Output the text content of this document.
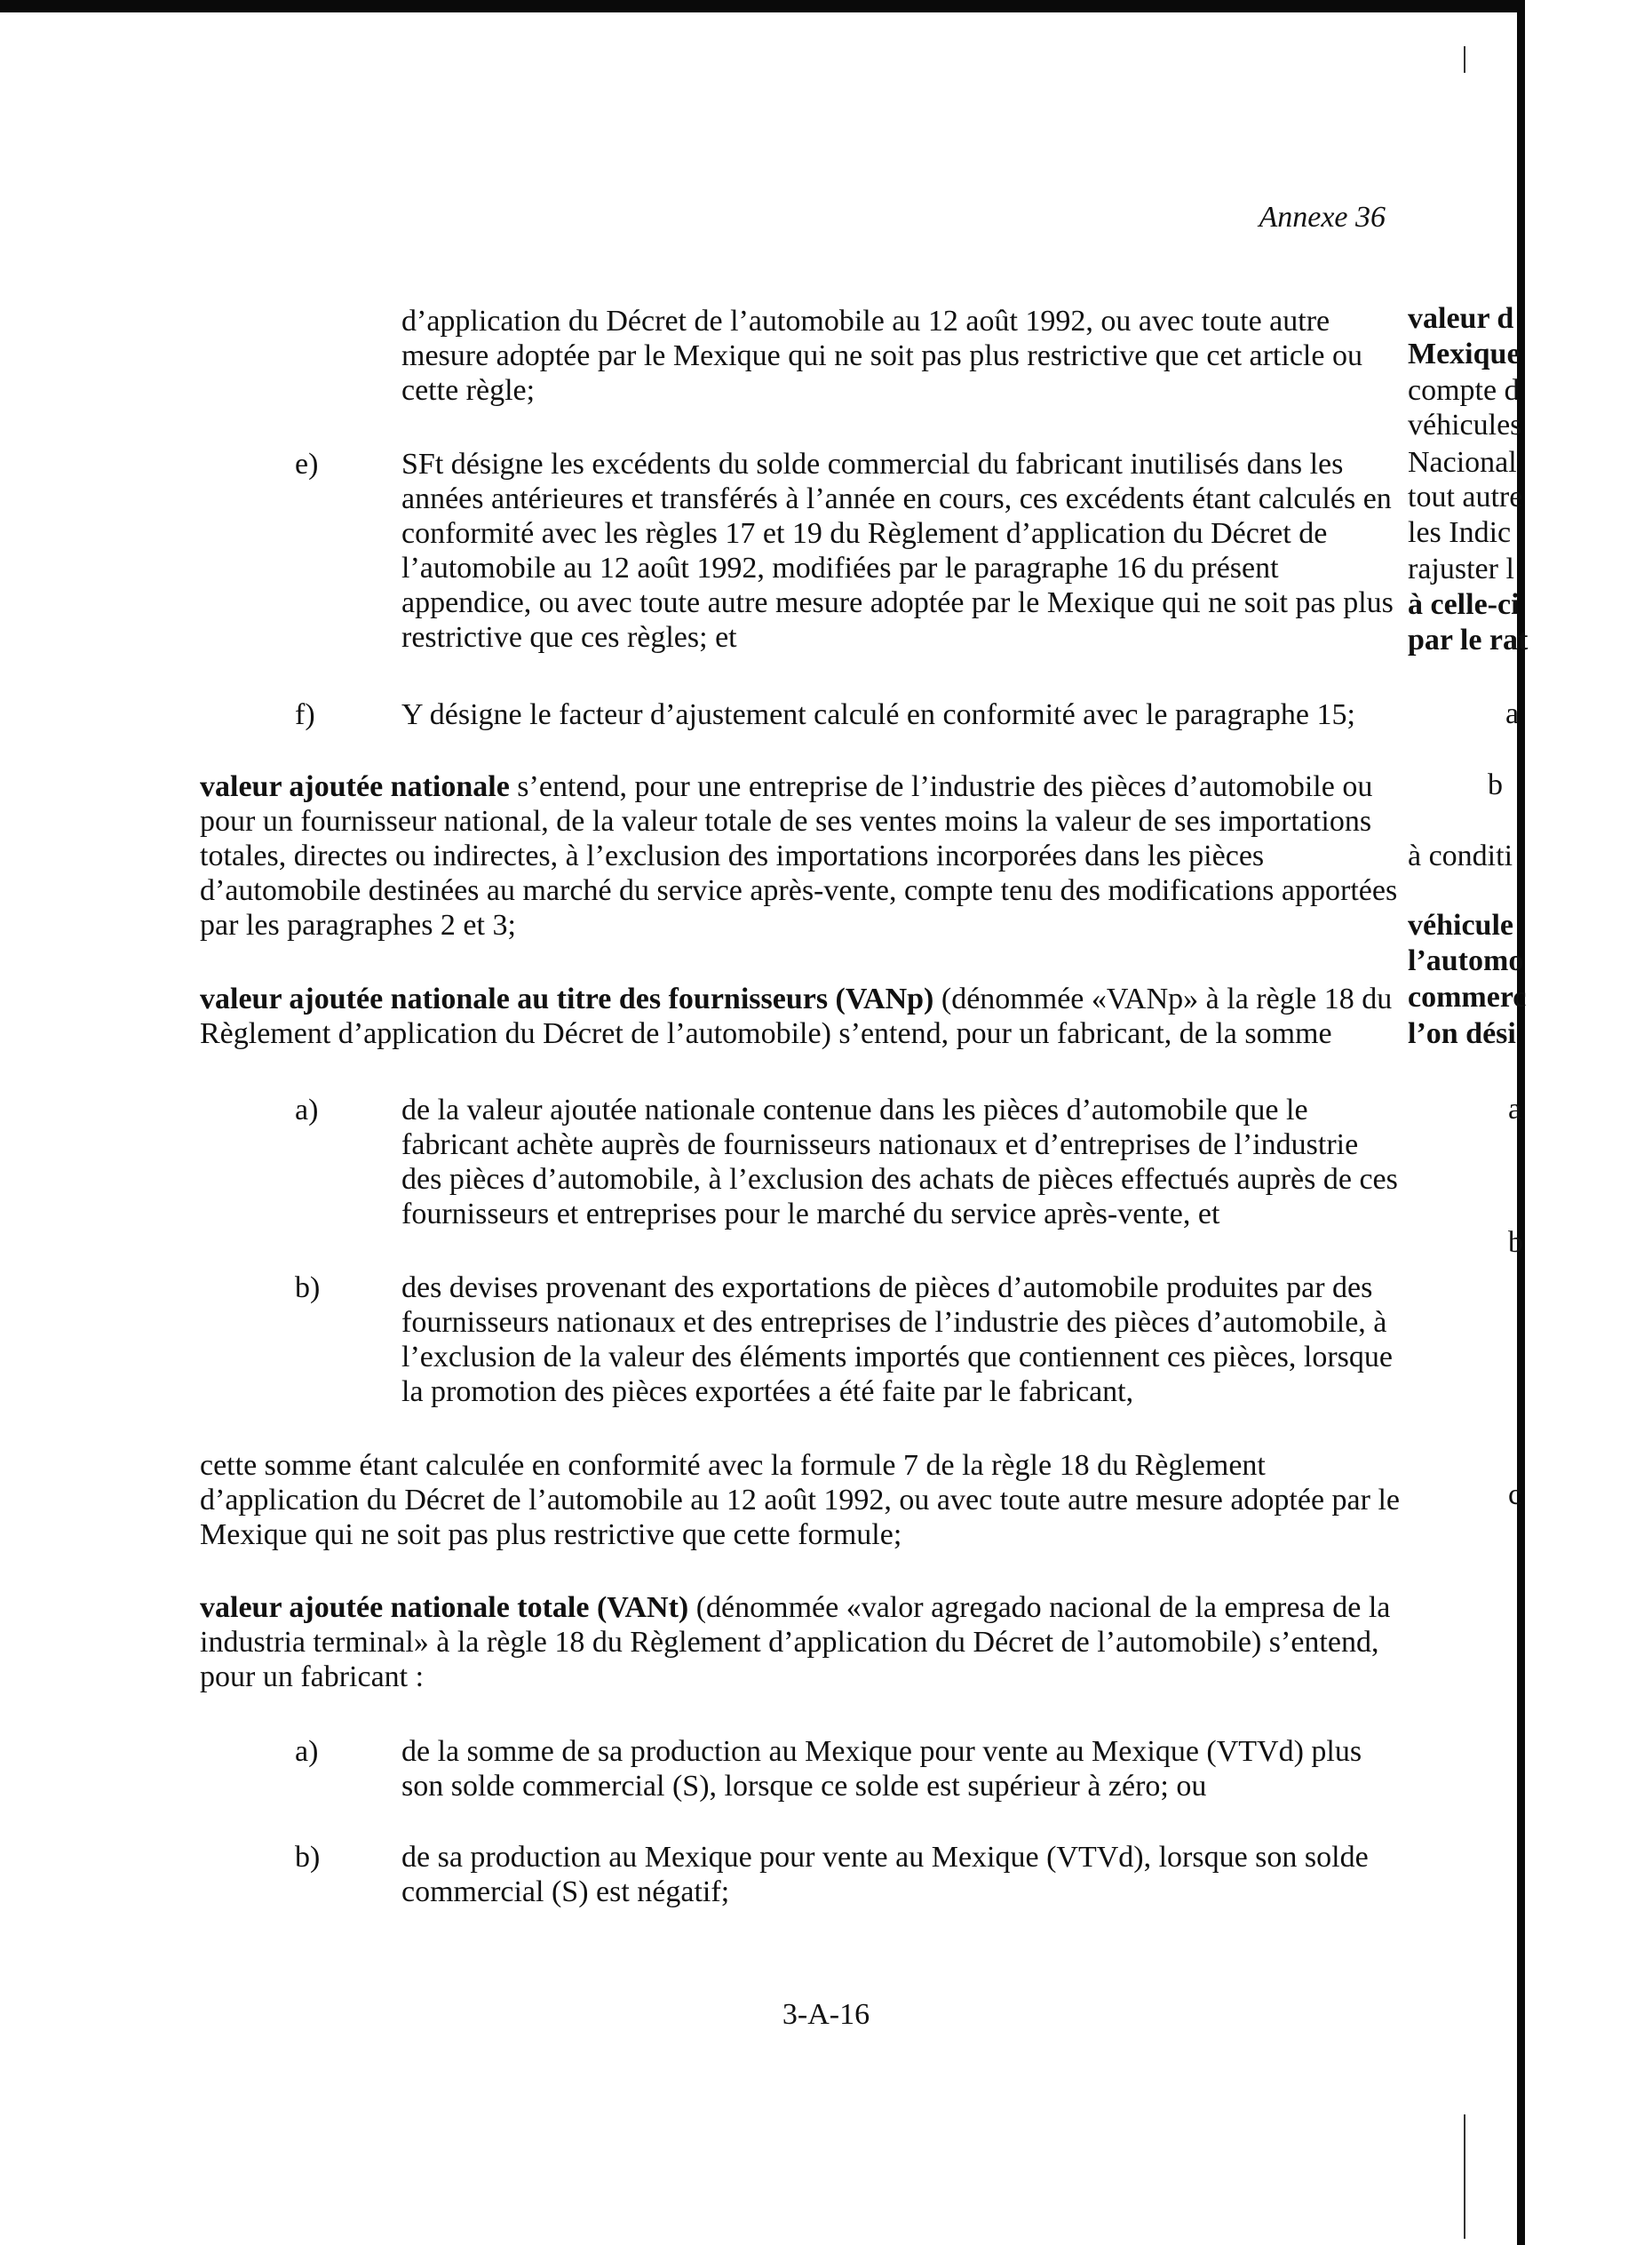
Annexe 36

d’application du Décret de l’automobile au 12 août 1992, ou avec toute autre mesure adoptée par le Mexique qui ne soit pas plus restrictive que cet article ou cette règle;

e)	SFt désigne les excédents du solde commercial du fabricant inutilisés dans les années antérieures et transférés à l’année en cours, ces excédents étant calculés en conformité avec les règles 17 et 19 du Règlement d’application du Décret de l’automobile au 12 août 1992, modifiées par le paragraphe 16 du présent appendice, ou avec toute autre mesure adoptée par le Mexique qui ne soit pas plus restrictive que ces règles; et

f)	Y désigne le facteur d’ajustement calculé en conformité avec le paragraphe 15;

valeur ajoutée nationale s’entend, pour une entreprise de l’industrie des pièces d’automobile ou pour un fournisseur national, de la valeur totale de ses ventes moins la valeur de ses importations totales, directes ou indirectes, à l’exclusion des importations incorporées dans les pièces d’automobile destinées au marché du service après-vente, compte tenu des modifications apportées par les paragraphes 2 et 3;

valeur ajoutée nationale au titre des fournisseurs (VANp) (dénommée «VANp» à la règle 18 du Règlement d’application du Décret de l’automobile) s’entend, pour un fabricant, de la somme

a)	de la valeur ajoutée nationale contenue dans les pièces d’automobile que le fabricant achète auprès de fournisseurs nationaux et d’entreprises de l’industrie des pièces d’automobile, à l’exclusion des achats de pièces effectués auprès de ces fournisseurs et entreprises pour le marché du service après-vente, et

b)	des devises provenant des exportations de pièces d’automobile produites par des fournisseurs nationaux et des entreprises de l’industrie des pièces d’automobile, à l’exclusion de la valeur des éléments importés que contiennent ces pièces, lorsque la promotion des pièces exportées a été faite par le fabricant,

cette somme étant calculée en conformité avec la formule 7 de la règle 18 du Règlement d’application du Décret de l’automobile au 12 août 1992, ou avec toute autre mesure adoptée par le Mexique qui ne soit pas plus restrictive que cette formule;

valeur ajoutée nationale totale (VANt) (dénommée «valor agregado nacional de la empresa de la industria terminal» à la règle 18 du Règlement d’application du Décret de l’automobile) s’entend, pour un fabricant :

a)	de la somme de sa production au Mexique pour vente au Mexique (VTVd) plus son solde commercial (S), lorsque ce solde est supérieur à zéro; ou

b)	de sa production au Mexique pour vente au Mexique (VTVd), lorsque son solde commercial (S) est négatif;

3-A-16
valeur d
Mexique
compte d
véhicules
Nacional
tout autre
les Indic
rajuster l
à celle-ci
par le rat
a
b
à conditi
véhicule
l’automo
commerc
l’on dési
a
b
c
